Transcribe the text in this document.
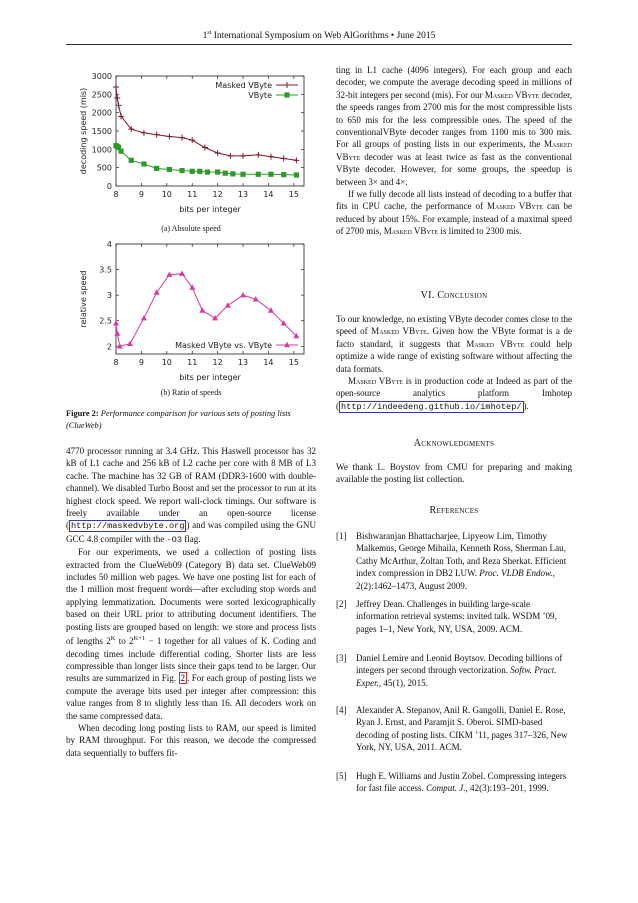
1st International Symposium on Web AlGorithms • June 2015
8	9 10 11 12 13 14 15
0
500
1000
1500
2000
2500
3000
bits per integer
decoding speed (mis)
Masked VByte
VByte
(a) Absolute speed
8	9 10 11 12 13 14 15
2
2.5
3
3.5
4
bits per integer
relative speed
Masked VByte vs. VByte
(b) Ratio of speeds
Figure 2: Performance comparison for various sets of posting lists (ClueWeb)

4770 processor running at 3.4 GHz. This Haswell processor has 32 kB of L1 cache and 256 kB of L2 cache per core with 8 MB of L3 cache. The machine has 32 GB of RAM (DDR3-1600 with double-channel). We disabled Turbo Boost and set the processor to run at its highest clock speed. We report wall-clock timings. Our software is freely available under an open-source license ( http://maskedvbyte.org ) and was compiled using the GNU GCC 4.8 compiler with the -O3 flag.

For our experiments, we used a collection of posting lists extracted from the ClueWeb09 (Category B) data set. ClueWeb09 includes 50 million web pages. We have one posting list for each of the 1 million most frequent words—after excluding stop words and applying lemmatization. Documents were sorted lexicographically based on their URL prior to attributing document identifiers. The posting lists are grouped based on length: we store and process lists of lengths $2^K$ to $2^{K+1} - 1$ together for all values of K. Coding and decoding times include differential coding. Shorter lists are less compressible than longer lists since their gaps tend to be larger. Our results are summarized in Fig. 2 . For each group of posting lists we compute the average bits used per integer after compression: this value ranges from 8 to slightly less than 16. All decoders work on the same compressed data.

When decoding long posting lists to RAM, our speed is limited by RAM throughput. For this reason, we decode the compressed data sequentially to buffers fit-

ting in L1 cache (4096 integers). For each group and each decoder, we compute the average decoding speed in millions of 32-bit integers per second (mis). For our Masked VByte decoder, the speeds ranges from 2700 mis for the most compressible lists to 650 mis for the less compressible ones. The speed of the conventionalVByte decoder ranges from 1100 mis to 300 mis. For all groups of posting lists in our experiments, the Masked VByte decoder was at least twice as fast as the conventional VByte decoder. However, for some groups, the speedup is between 3× and 4×.

If we fully decode all lists instead of decoding to a buffer that fits in CPU cache, the performance of Masked VByte can be reduced by about 15%. For example, instead of a maximal speed of 2700 mis, Masked VByte is limited to 2300 mis.

VI. Conclusion

To our knowledge, no existing VByte decoder comes close to the speed of Masked VByte. Given how the VByte format is a de facto standard, it suggests that Masked VByte could help optimize a wide range of existing software without affecting the data formats.

Masked VByte is in production code at Indeed as part of the open-source analytics platform Imhotep ( http://indeedeng.github.io/imhotep/ ).

Acknowledgments

We thank L. Boystov from CMU for preparing and making available the posting list collection.

References
[1] Bishwaranjan Bhattacharjee, Lipyeow Lim, Timothy Malkemus, George Mihaila, Kenneth Ross, Sherman Lau, Cathy McArthur, Zoltan Toth, and Reza Sherkat. Efficient index compression in DB2 LUW. Proc. VLDB Endow., 2(2):1462–1473, August 2009.
[2] Jeffrey Dean. Challenges in building large-scale information retrieval systems: invited talk. WSDM ’09, pages 1–1, New York, NY, USA, 2009. ACM.
[3] Daniel Lemire and Leonid Boytsov. Decoding billions of integers per second through vectorization. Softw. Pract. Exper., 45(1), 2015.
[4] Alexander A. Stepanov, Anil R. Gangolli, Daniel E. Rose, Ryan J. Ernst, and Paramjit S. Oberoi. SIMD-based decoding of posting lists. CIKM ’11, pages 317–326, New York, NY, USA, 2011. ACM.
[5] Hugh E. Williams and Justin Zobel. Compressing integers for fast file access. Comput. J., 42(3):193–201, 1999.
